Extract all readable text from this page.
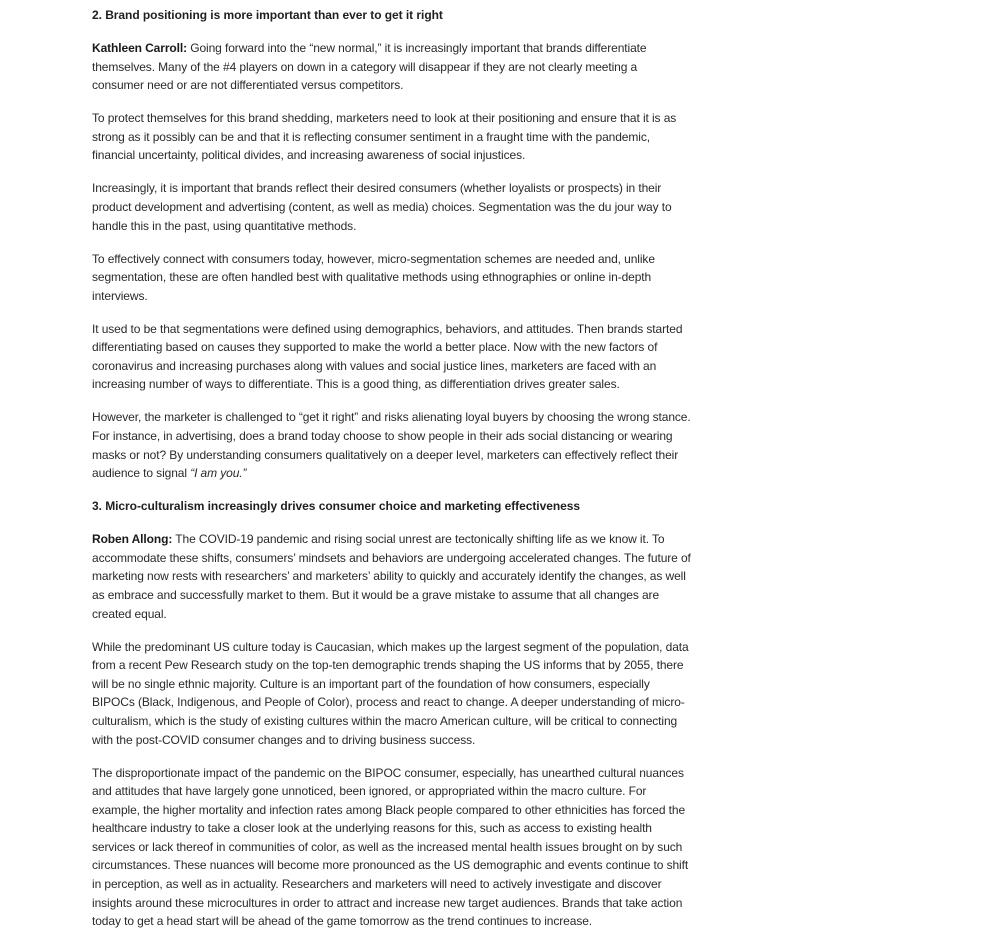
2. Brand positioning is more important than ever to get it right

Kathleen Carroll: Going forward into the “new normal,” it is increasingly important that brands differentiate themselves. Many of the #4 players on down in a category will disappear if they are not clearly meeting a consumer need or are not differentiated versus competitors.

To protect themselves for this brand shedding, marketers need to look at their positioning and ensure that it is as strong as it possibly can be and that it is reflecting consumer sentiment in a fraught time with the pandemic, financial uncertainty, political divides, and increasing awareness of social injustices.

Increasingly, it is important that brands reflect their desired consumers (whether loyalists or prospects) in their product development and advertising (content, as well as media) choices. Segmentation was the du jour way to handle this in the past, using quantitative methods.

To effectively connect with consumers today, however, micro-segmentation schemes are needed and, unlike segmentation, these are often handled best with qualitative methods using ethnographies or online in-depth interviews.

It used to be that segmentations were defined using demographics, behaviors, and attitudes. Then brands started differentiating based on causes they supported to make the world a better place. Now with the new factors of coronavirus and increasing purchases along with values and social justice lines, marketers are faced with an increasing number of ways to differentiate. This is a good thing, as differentiation drives greater sales.

However, the marketer is challenged to “get it right” and risks alienating loyal buyers by choosing the wrong stance. For instance, in advertising, does a brand today choose to show people in their ads social distancing or wearing masks or not? By understanding consumers qualitatively on a deeper level, marketers can effectively reflect their audience to signal “I am you.”

3. Micro-culturalism increasingly drives consumer choice and marketing effectiveness

Roben Allong: The COVID-19 pandemic and rising social unrest are tectonically shifting life as we know it. To accommodate these shifts, consumers’ mindsets and behaviors are undergoing accelerated changes. The future of marketing now rests with researchers’ and marketers’ ability to quickly and accurately identify the changes, as well as embrace and successfully market to them. But it would be a grave mistake to assume that all changes are created equal.

While the predominant US culture today is Caucasian, which makes up the largest segment of the population, data from a recent Pew Research study on the top-ten demographic trends shaping the US informs that by 2055, there will be no single ethnic majority. Culture is an important part of the foundation of how consumers, especially BIPOCs (Black, Indigenous, and People of Color), process and react to change. A deeper understanding of micro-culturalism, which is the study of existing cultures within the macro American culture, will be critical to connecting with the post-COVID consumer changes and to driving business success.

The disproportionate impact of the pandemic on the BIPOC consumer, especially, has unearthed cultural nuances and attitudes that have largely gone unnoticed, been ignored, or appropriated within the macro culture. For example, the higher mortality and infection rates among Black people compared to other ethnicities has forced the healthcare industry to take a closer look at the underlying reasons for this, such as access to existing health services or lack thereof in communities of color, as well as the increased mental health issues brought on by such circumstances. These nuances will become more pronounced as the US demographic and events continue to shift in perception, as well as in actuality. Researchers and marketers will need to actively investigate and discover insights around these microcultures in order to attract and increase new target audiences. Brands that take action today to get a head start will be ahead of the game tomorrow as the trend continues to increase.
